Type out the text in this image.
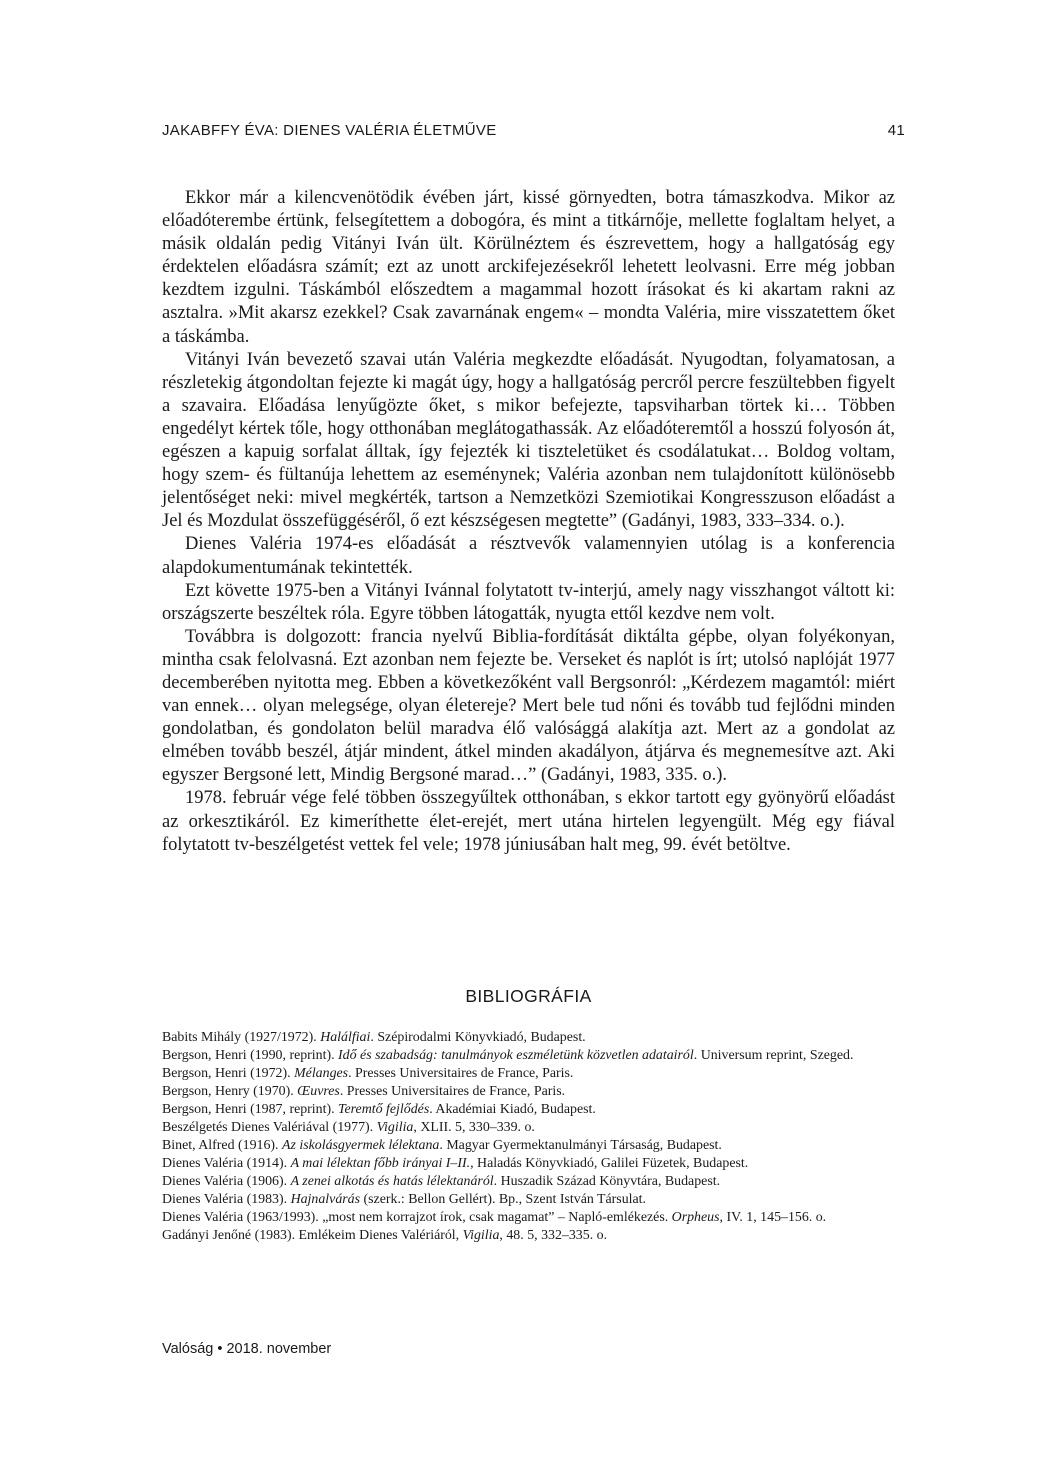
JAKABFFY ÉVA: DIENES VALÉRIA ÉLETMŰVE	41

Ekkor már a kilencvenötödik évében járt, kissé görnyedten, botra támaszkodva. Mikor az előadóterembe értünk, felsegítettem a dobogóra, és mint a titkárnője, mellette foglaltam helyet, a másik oldalán pedig Vitányi Iván ült. Körülnéztem és észrevettem, hogy a hallgatóság egy érdektelen előadásra számít; ezt az unott arckifejezésekről lehetett leolvasni. Erre még jobban kezdtem izgulni. Táskámból előszedtem a magammal hozott írásokat és ki akartam rakni az asztalra. »Mit akarsz ezekkel? Csak zavarnának engem« – mondta Valéria, mire visszatettem őket a táskámba.

Vitányi Iván bevezető szavai után Valéria megkezdte előadását. Nyugodtan, folyamatosan, a részletekig átgondoltan fejezte ki magát úgy, hogy a hallgatóság percről percre feszültebben figyelt a szavaira. Előadása lenyűgözte őket, s mikor befejezte, tapsviharban törtek ki… Többen engedélyt kértek tőle, hogy otthonában meglátogathassák. Az előadóteremtől a hosszú folyosón át, egészen a kapuig sorfalat álltak, így fejezték ki tiszteletüket és csodálatukat… Boldog voltam, hogy szem- és fültanúja lehettem az eseménynek; Valéria azonban nem tulajdonított különösebb jelentőséget neki: mivel megkérték, tartson a Nemzetközi Szemiotikai Kongresszuson előadást a Jel és Mozdulat összefüggéséről, ő ezt készségesen megtette” (Gadányi, 1983, 333–334. o.).

Dienes Valéria 1974-es előadását a résztvevők valamennyien utólag is a konferencia alapdokumentumának tekintették.

Ezt követte 1975-ben a Vitányi Ivánnal folytatott tv-interjú, amely nagy visszhangot váltott ki: országszerte beszéltek róla. Egyre többen látogatták, nyugta ettől kezdve nem volt.

Továbbra is dolgozott: francia nyelvű Biblia-fordítását diktálta gépbe, olyan folyékonyan, mintha csak felolvasná. Ezt azonban nem fejezte be. Verseket és naplót is írt; utolsó naplóját 1977 decemberében nyitotta meg. Ebben a következőként vall Bergsonról: „Kérdezem magamtól: miért van ennek… olyan melegsége, olyan életereje? Mert bele tud nőni és tovább tud fejlődni minden gondolatban, és gondolaton belül maradva élő valósággá alakítja azt. Mert az a gondolat az elmében tovább beszél, átjár mindent, átkel minden akadályon, átjárva és megnemesítve azt. Aki egyszer Bergsoné lett, Mindig Bergsoné marad…” (Gadányi, 1983, 335. o.).

1978. február vége felé többen összegyűltek otthonában, s ekkor tartott egy gyönyörű előadást az orkesztikáról. Ez kimeríthette élet-erejét, mert utána hirtelen legyengült. Még egy fiával folytatott tv-beszélgetést vettek fel vele; 1978 júniusában halt meg, 99. évét betöltve.

BIBLIOGRÁFIA

Babits Mihály (1927/1972). Halálfiai. Szépirodalmi Könyvkiadó, Budapest.

Bergson, Henri (1990, reprint). Idő és szabadság: tanulmányok eszméletünk közvetlen adatairól. Universum reprint, Szeged.

Bergson, Henri (1972). Mélanges. Presses Universitaires de France, Paris.

Bergson, Henry (1970). Œuvres. Presses Universitaires de France, Paris.

Bergson, Henri (1987, reprint). Teremtő fejlődés. Akadémiai Kiadó, Budapest.

Beszélgetés Dienes Valériával (1977). Vigilia, XLII. 5, 330–339. o.

Binet, Alfred (1916). Az iskolásgyermek lélektana. Magyar Gyermektanulmányi Társaság, Budapest.

Dienes Valéria (1914). A mai lélektan főbb irányai I–II., Haladás Könyvkiadó, Galilei Füzetek, Budapest.

Dienes Valéria (1906). A zenei alkotás és hatás lélektanáról. Huszadik Század Könyvtára, Budapest.

Dienes Valéria (1983). Hajnalvárás (szerk.: Bellon Gellért). Bp., Szent István Társulat.

Dienes Valéria (1963/1993). „most nem korrajzot írok, csak magamat” – Napló-emlékezés. Orpheus, IV. 1, 145–156. o.

Gadányi Jenőné (1983). Emlékeim Dienes Valériáról, Vigilia, 48. 5, 332–335. o.

Valóság • 2018. november
